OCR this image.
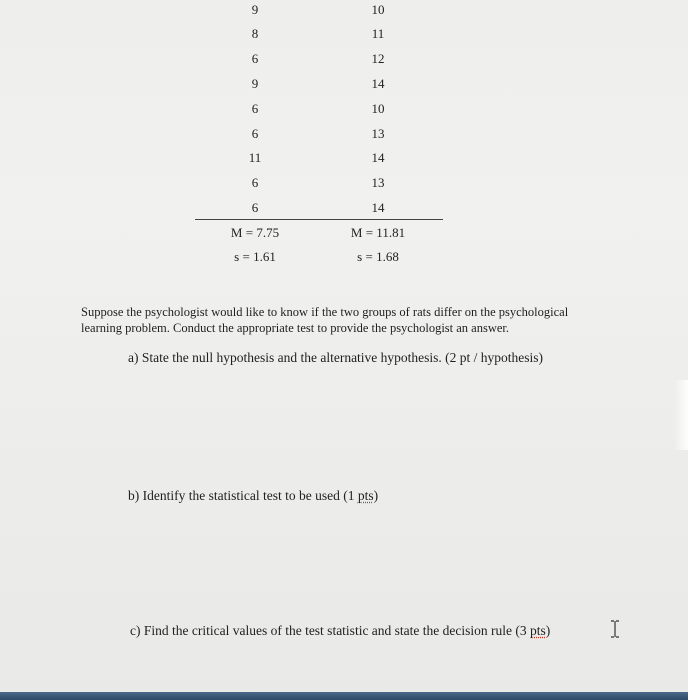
9	10
8	11
6	12
9	14
6	10
6	13
11	14
6	13
6	14
M = 7.75	M = 11.81
s = 1.61	s = 1.68
Suppose the psychologist would like to know if the two groups of rats differ on the psychological learning problem. Conduct the appropriate test to provide the psychologist an answer.
a) State the null hypothesis and the alternative hypothesis. (2 pt / hypothesis)
b) Identify the statistical test to be used (1 pts)
c) Find the critical values of the test statistic and state the decision rule (3 pts)
